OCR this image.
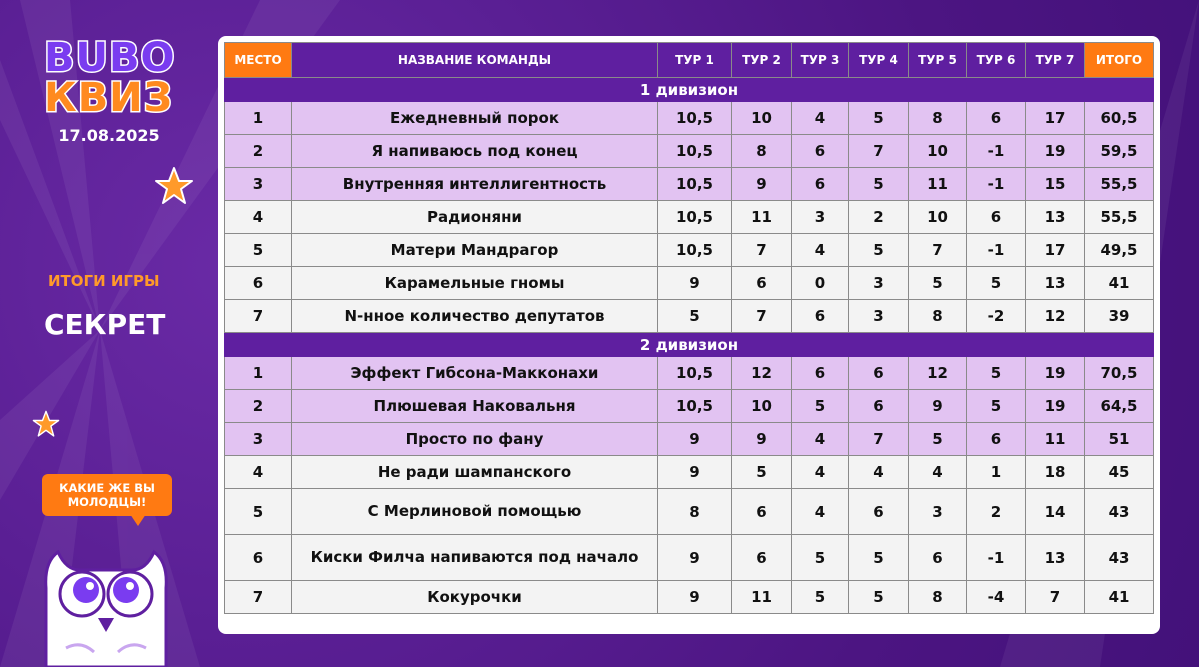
BUBO
КВИЗ
17.08.2025
ИТОГИ ИГРЫ
СЕКРЕТ
КАКИЕ ЖЕ ВЫ МОЛОДЦЫ!
МЕСТО	НАЗВАНИЕ КОМАНДЫ	ТУР 1	ТУР 2	ТУР 3	ТУР 4	ТУР 5	ТУР 6	ТУР 7	ИТОГО
1 дивизион									
1	Ежедневный порок	10,5	10	4	5	8	6	17	60,5
2	Я напиваюсь под конец	10,5	8	6	7	10	-1	19	59,5
3	Внутренняя интеллигентность	10,5	9	6	5	11	-1	15	55,5
4	Радионяни	10,5	11	3	2	10	6	13	55,5
5	Матери Мандрагор	10,5	7	4	5	7	-1	17	49,5
6	Карамельные гномы	9	6	0	3	5	5	13	41
7	N-нное количество депутатов	5	7	6	3	8	-2	12	39
2 дивизион									
1	Эффект Гибсона-Макконахи	10,5	12	6	6	12	5	19	70,5
2	Плюшевая Наковальня	10,5	10	5	6	9	5	19	64,5
3	Просто по фану	9	9	4	7	5	6	11	51
4	Не ради шампанского	9	5	4	4	4	1	18	45
5	С Мерлиновой помощью	8	6	4	6	3	2	14	43
6	Киски Филча напиваются под начало	9	6	5	5	6	-1	13	43
7	Кокурочки	9	11	5	5	8	-4	7	41
